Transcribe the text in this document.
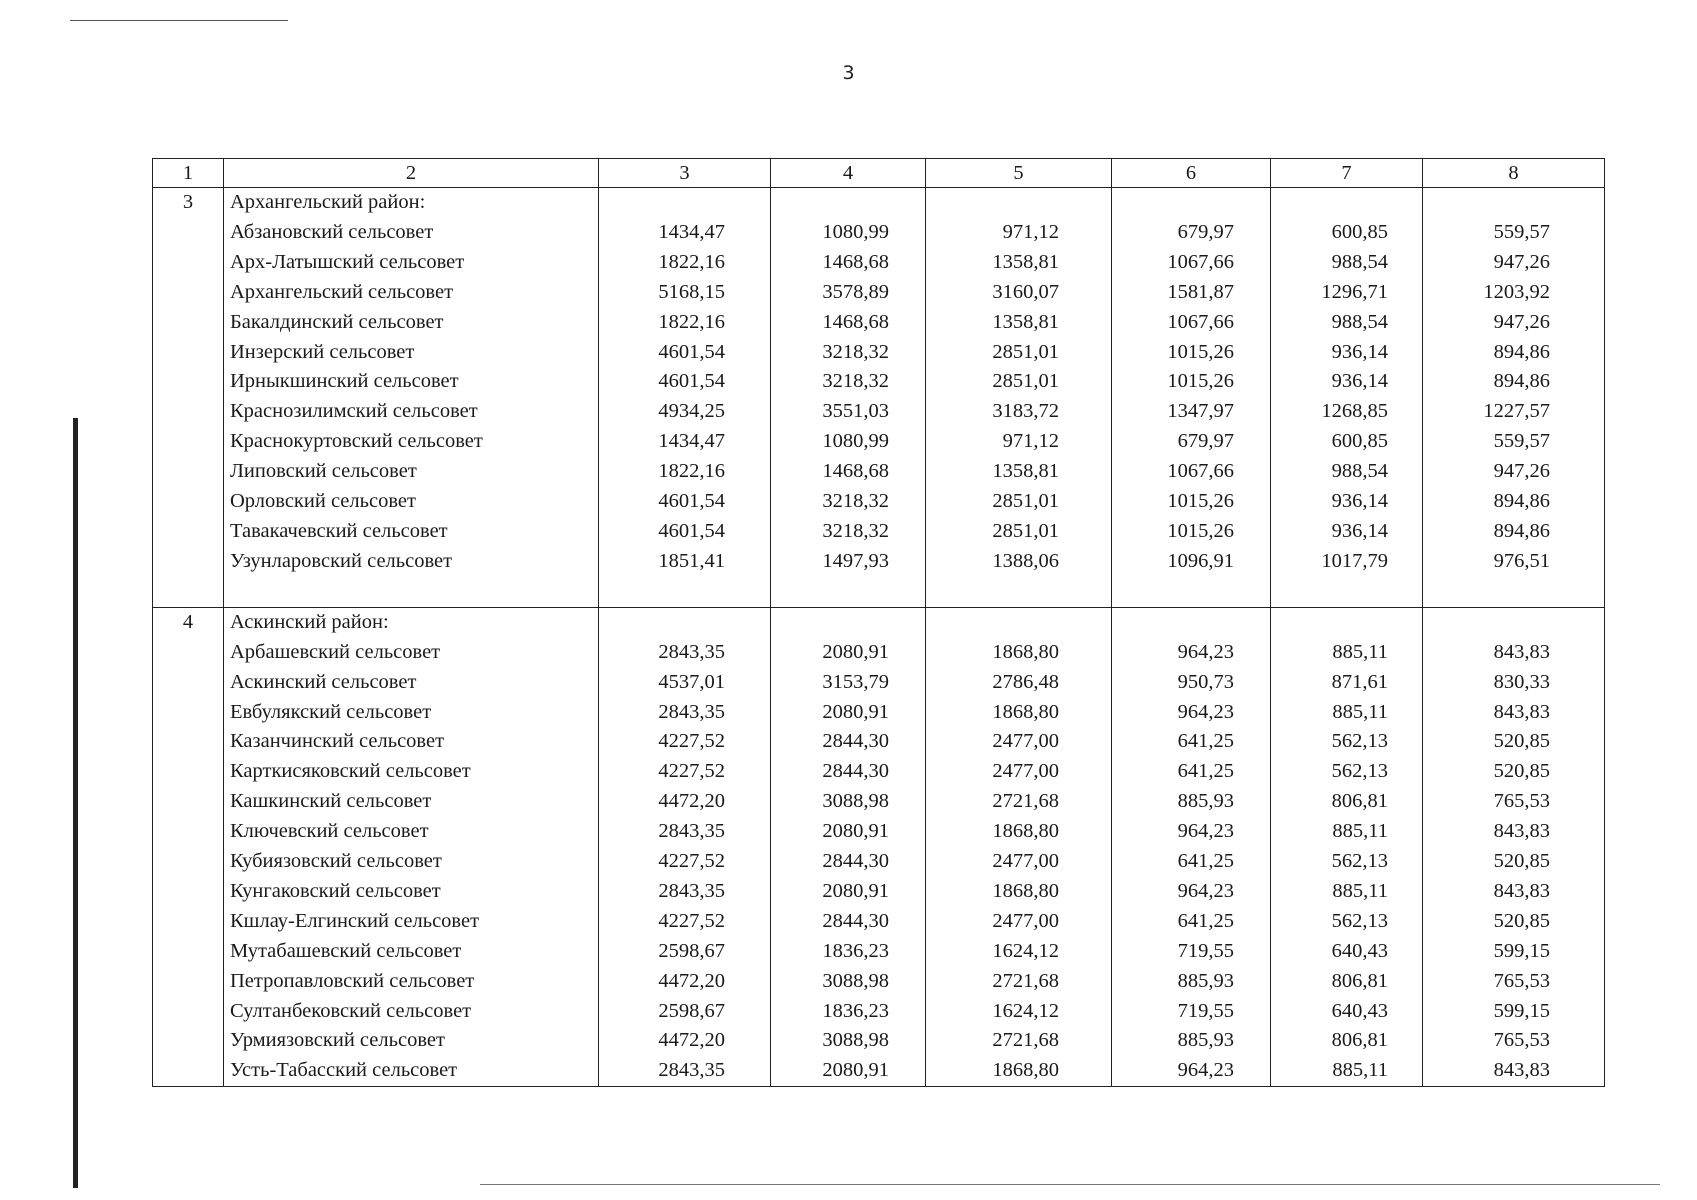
3
1	2	3	4	5	6	7	8
3	Архангельский район:						
	Абзановский сельсовет	1434,47	1080,99	971,12	679,97	600,85	559,57
	Арх-Латышский сельсовет	1822,16	1468,68	1358,81	1067,66	988,54	947,26
	Архангельский сельсовет	5168,15	3578,89	3160,07	1581,87	1296,71	1203,92
	Бакалдинский сельсовет	1822,16	1468,68	1358,81	1067,66	988,54	947,26
	Инзерский сельсовет	4601,54	3218,32	2851,01	1015,26	936,14	894,86
	Ирныкшинский сельсовет	4601,54	3218,32	2851,01	1015,26	936,14	894,86
	Краснозилимский сельсовет	4934,25	3551,03	3183,72	1347,97	1268,85	1227,57
	Краснокуртовский сельсовет	1434,47	1080,99	971,12	679,97	600,85	559,57
	Липовский сельсовет	1822,16	1468,68	1358,81	1067,66	988,54	947,26
	Орловский сельсовет	4601,54	3218,32	2851,01	1015,26	936,14	894,86
	Тавакачевский сельсовет	4601,54	3218,32	2851,01	1015,26	936,14	894,86
	Узунларовский сельсовет	1851,41	1497,93	1388,06	1096,91	1017,79	976,51

4	Аскинский район:						
	Арбашевский сельсовет	2843,35	2080,91	1868,80	964,23	885,11	843,83
	Аскинский сельсовет	4537,01	3153,79	2786,48	950,73	871,61	830,33
	Евбулякский сельсовет	2843,35	2080,91	1868,80	964,23	885,11	843,83
	Казанчинский сельсовет	4227,52	2844,30	2477,00	641,25	562,13	520,85
	Карткисяковский сельсовет	4227,52	2844,30	2477,00	641,25	562,13	520,85
	Кашкинский сельсовет	4472,20	3088,98	2721,68	885,93	806,81	765,53
	Ключевский сельсовет	2843,35	2080,91	1868,80	964,23	885,11	843,83
	Кубиязовский сельсовет	4227,52	2844,30	2477,00	641,25	562,13	520,85
	Кунгаковский сельсовет	2843,35	2080,91	1868,80	964,23	885,11	843,83
	Кшлау-Елгинский сельсовет	4227,52	2844,30	2477,00	641,25	562,13	520,85
	Мутабашевский сельсовет	2598,67	1836,23	1624,12	719,55	640,43	599,15
	Петропавловский сельсовет	4472,20	3088,98	2721,68	885,93	806,81	765,53
	Султанбековский сельсовет	2598,67	1836,23	1624,12	719,55	640,43	599,15
	Урмиязовский сельсовет	4472,20	3088,98	2721,68	885,93	806,81	765,53
	Усть-Табасский сельсовет	2843,35	2080,91	1868,80	964,23	885,11	843,83
